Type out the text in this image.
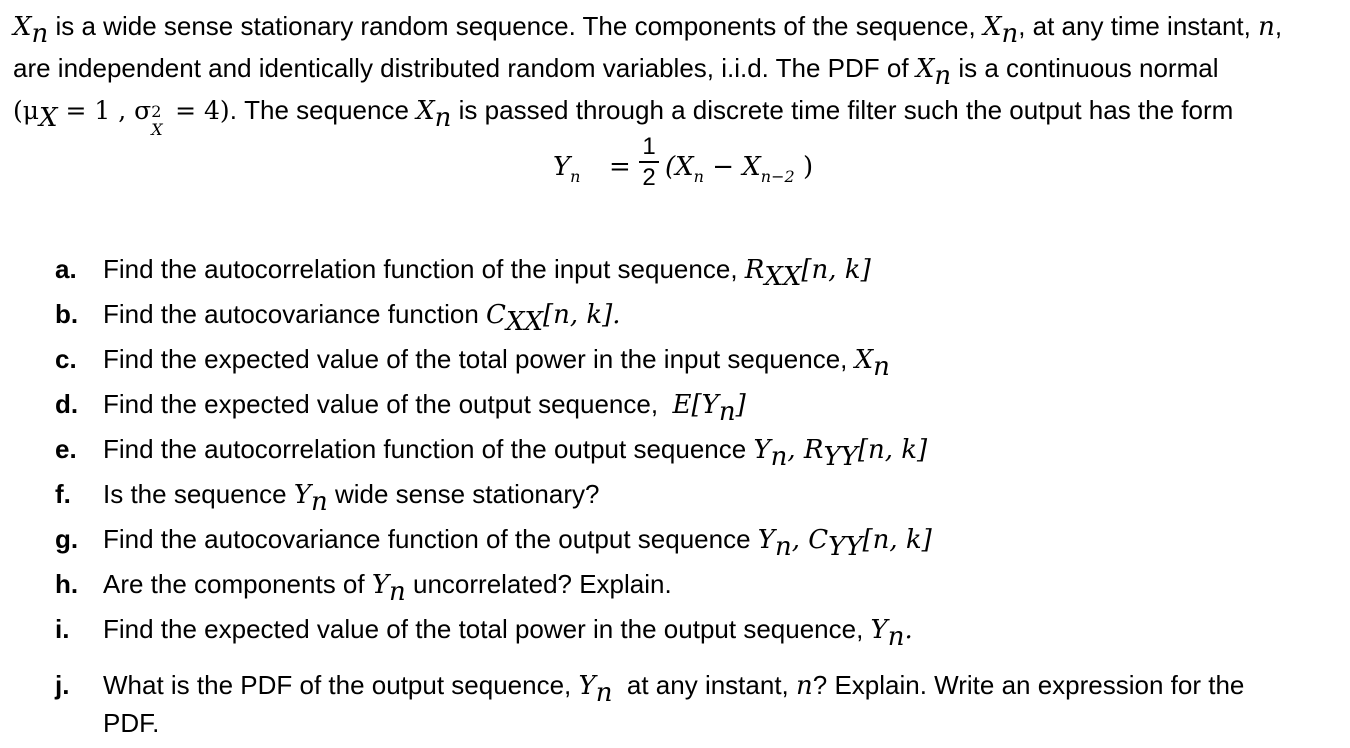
$X_n$ is a wide sense stationary random sequence. The components of the sequence, $X_n$, at any time instant, n,
are independent and identically distributed random variables, i.i.d. The PDF of $X_n$ is a continuous normal
($\mu_X = 1$ , σ 2
X
= 4). The sequence $X_n$ is passed through a discrete time filter such the output has the form
$Y_n$ =
1
2 ($X_n - X_{n-2}$ )
a.	Find the autocorrelation function of the input sequence, $R_{XX}[n$, k]
b. Find the autocovariance function $C_{XX}[n$, k].
c.	Find the expected value of the total power in the input sequence, $X_n$
d. Find the expected value of the output sequence, $E[Y_n]$
e.	Find the autocorrelation function of the output sequence $Y_n$, $R_{YY}[n$, k]
f.	Is the sequence $Y_n$ wide sense stationary?
g. Find the autocovariance function of the output sequence $Y_n$, $C_{YY}[n$, k]
h. Are the components of $Y_n$ uncorrelated? Explain.
i.	Find the expected value of the total power in the output sequence, $Y_n$.
j.	What is the PDF of the output sequence, $Y_n$ at any instant, n? Explain. Write an expression for the
PDF.
